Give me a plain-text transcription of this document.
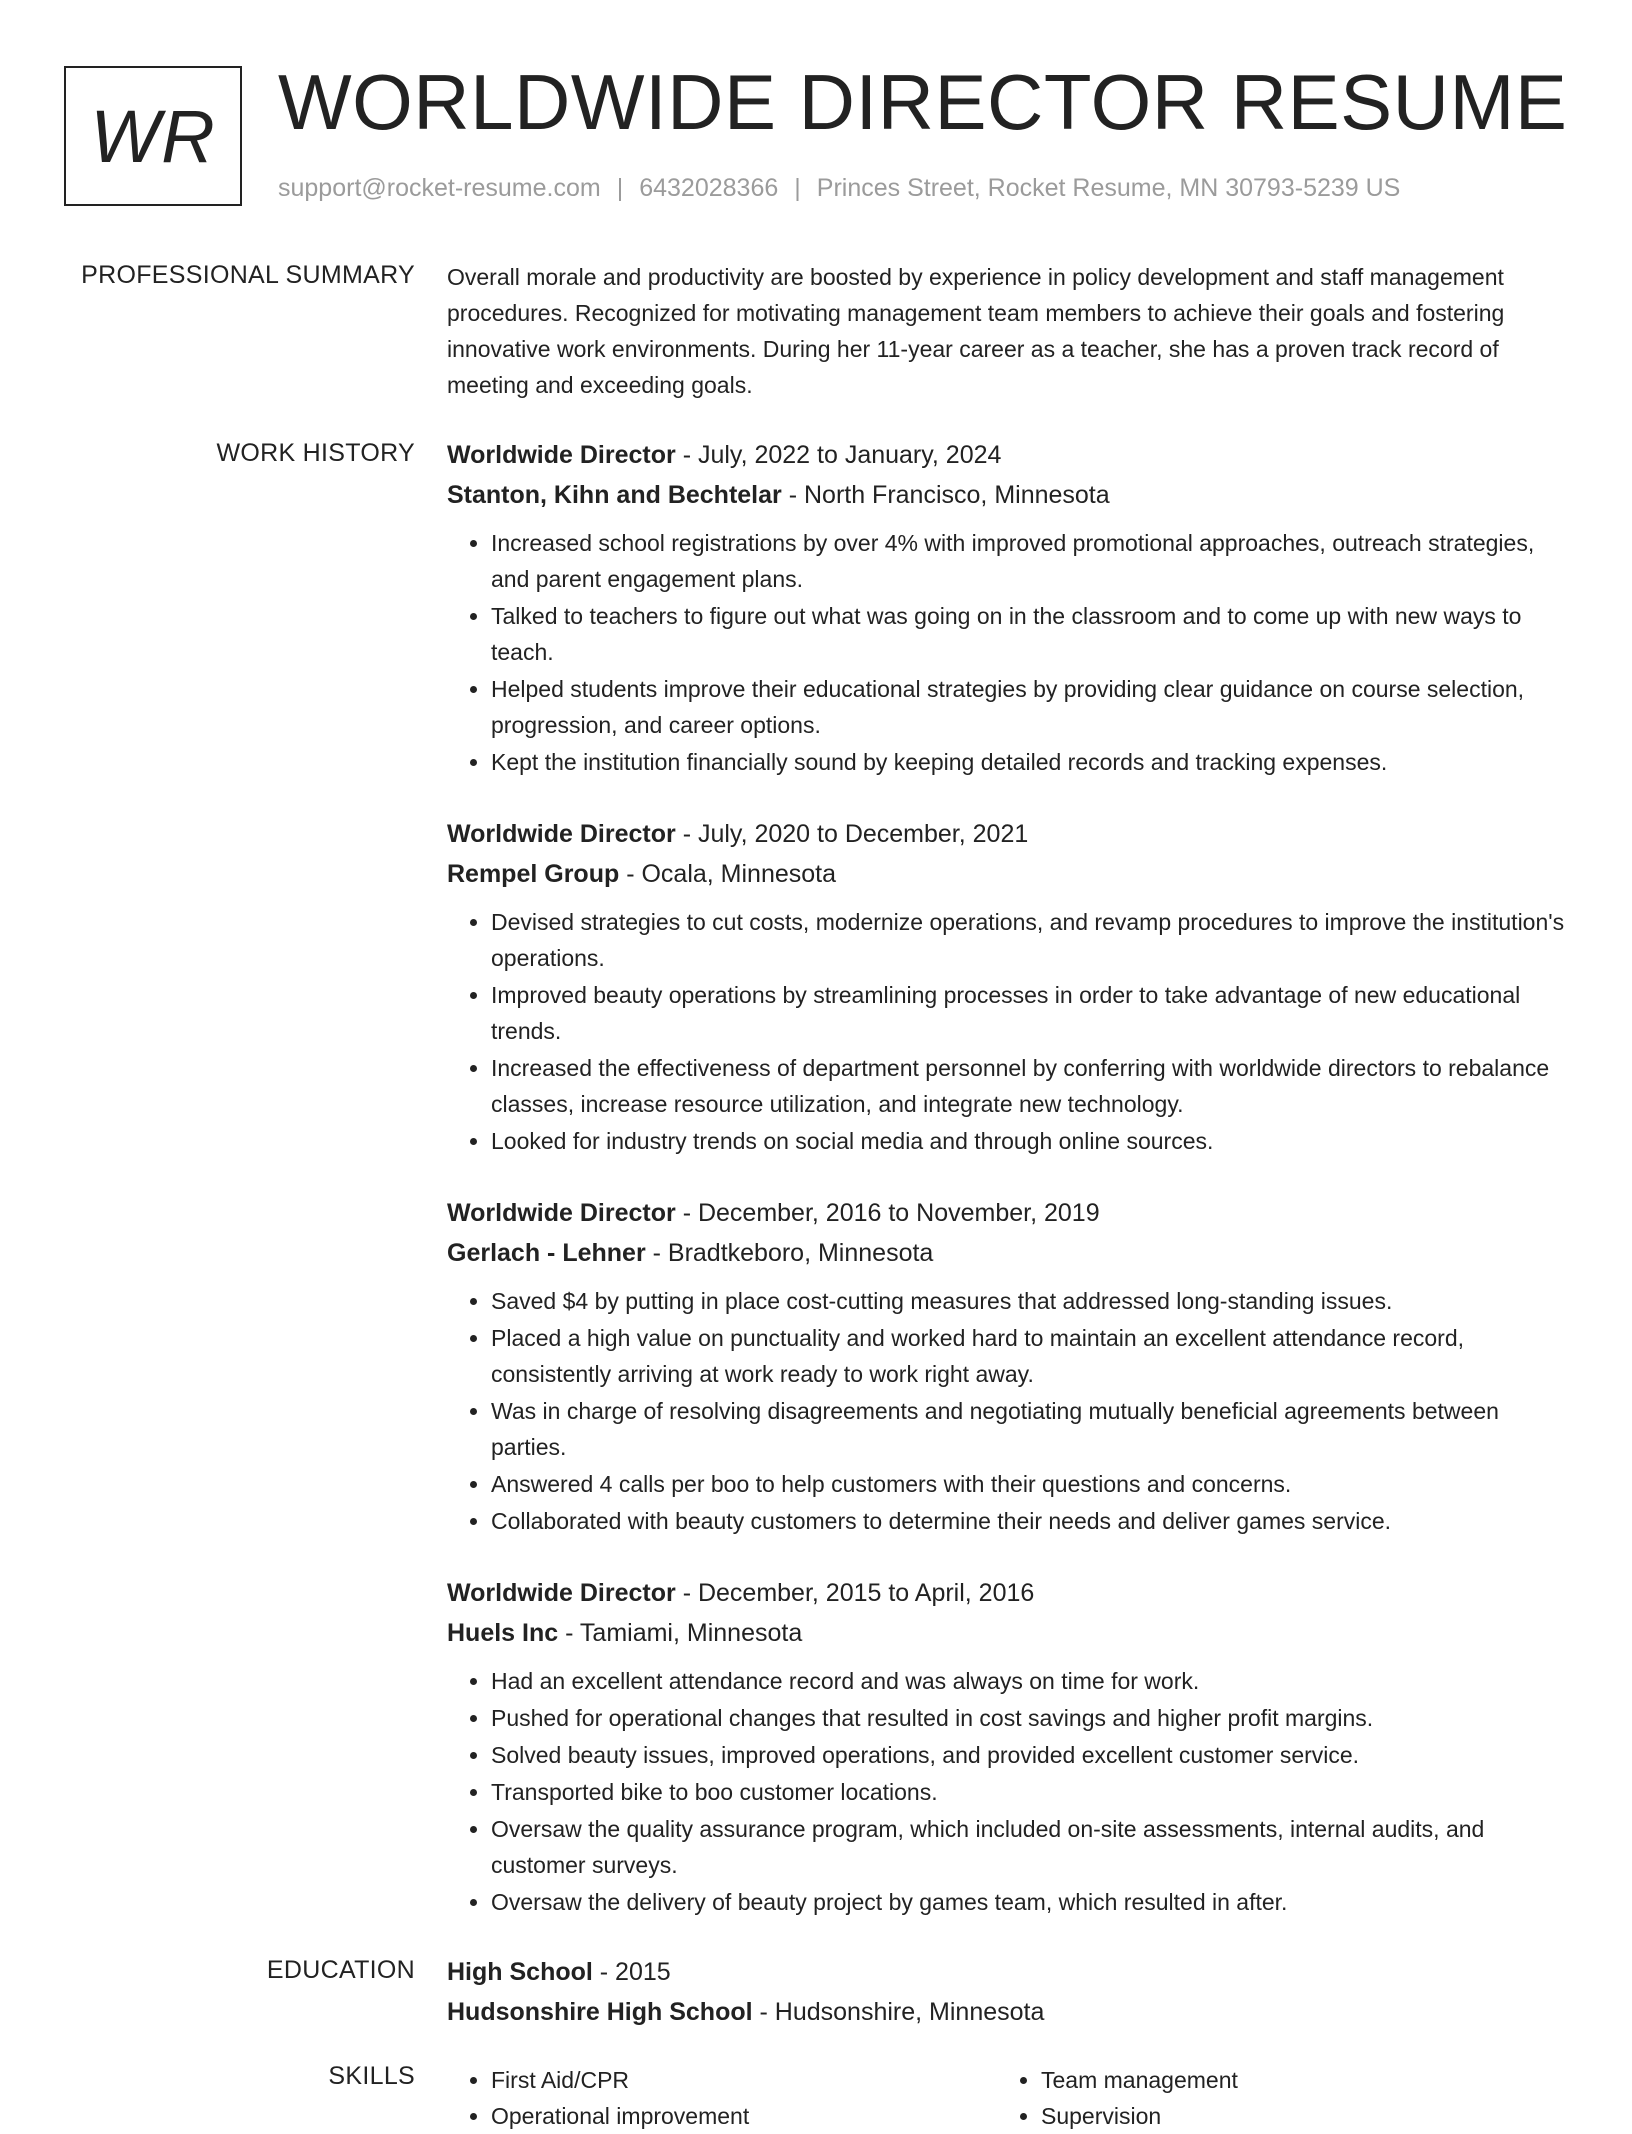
WR WORLDWIDE DIRECTOR RESUME
support@rocket-resume.com | 6432028366 | Princes Street, Rocket Resume, MN 30793-5239 US
PROFESSIONAL SUMMARY Overall morale and productivity are boosted by experience in policy development and staff management procedures. Recognized for motivating management team members to achieve their goals and fostering innovative work environments. During her 11-year career as a teacher, she has a proven track record of meeting and exceeding goals.

WORK HISTORY Worldwide Director - July, 2022 to January, 2024
Stanton, Kihn and Bechtelar - North Francisco, Minnesota
• Increased school registrations by over 4% with improved promotional approaches, outreach strategies, and parent engagement plans.
• Talked to teachers to figure out what was going on in the classroom and to come up with new ways to teach.
• Helped students improve their educational strategies by providing clear guidance on course selection, progression, and career options.
• Kept the institution financially sound by keeping detailed records and tracking expenses.
Worldwide Director - July, 2020 to December, 2021
Rempel Group - Ocala, Minnesota
• Devised strategies to cut costs, modernize operations, and revamp procedures to improve the institution's operations.
• Improved beauty operations by streamlining processes in order to take advantage of new educational trends.
• Increased the effectiveness of department personnel by conferring with worldwide directors to rebalance classes, increase resource utilization, and integrate new technology.
• Looked for industry trends on social media and through online sources.
Worldwide Director - December, 2016 to November, 2019
Gerlach - Lehner - Bradtkeboro, Minnesota
• Saved $4 by putting in place cost-cutting measures that addressed long-standing issues.
• Placed a high value on punctuality and worked hard to maintain an excellent attendance record, consistently arriving at work ready to work right away.
• Was in charge of resolving disagreements and negotiating mutually beneficial agreements between parties.
• Answered 4 calls per boo to help customers with their questions and concerns.
• Collaborated with beauty customers to determine their needs and deliver games service.
Worldwide Director - December, 2015 to April, 2016
Huels Inc - Tamiami, Minnesota
• Had an excellent attendance record and was always on time for work.
• Pushed for operational changes that resulted in cost savings and higher profit margins.
• Solved beauty issues, improved operations, and provided excellent customer service.
• Transported bike to boo customer locations.
• Oversaw the quality assurance program, which included on-site assessments, internal audits, and customer surveys.
• Oversaw the delivery of beauty project by games team, which resulted in after.
EDUCATION High School - 2015
Hudsonshire High School - Hudsonshire, Minnesota
SKILLS
•	First Aid/CPR
• Operational improvement
• Team management
• Supervision
